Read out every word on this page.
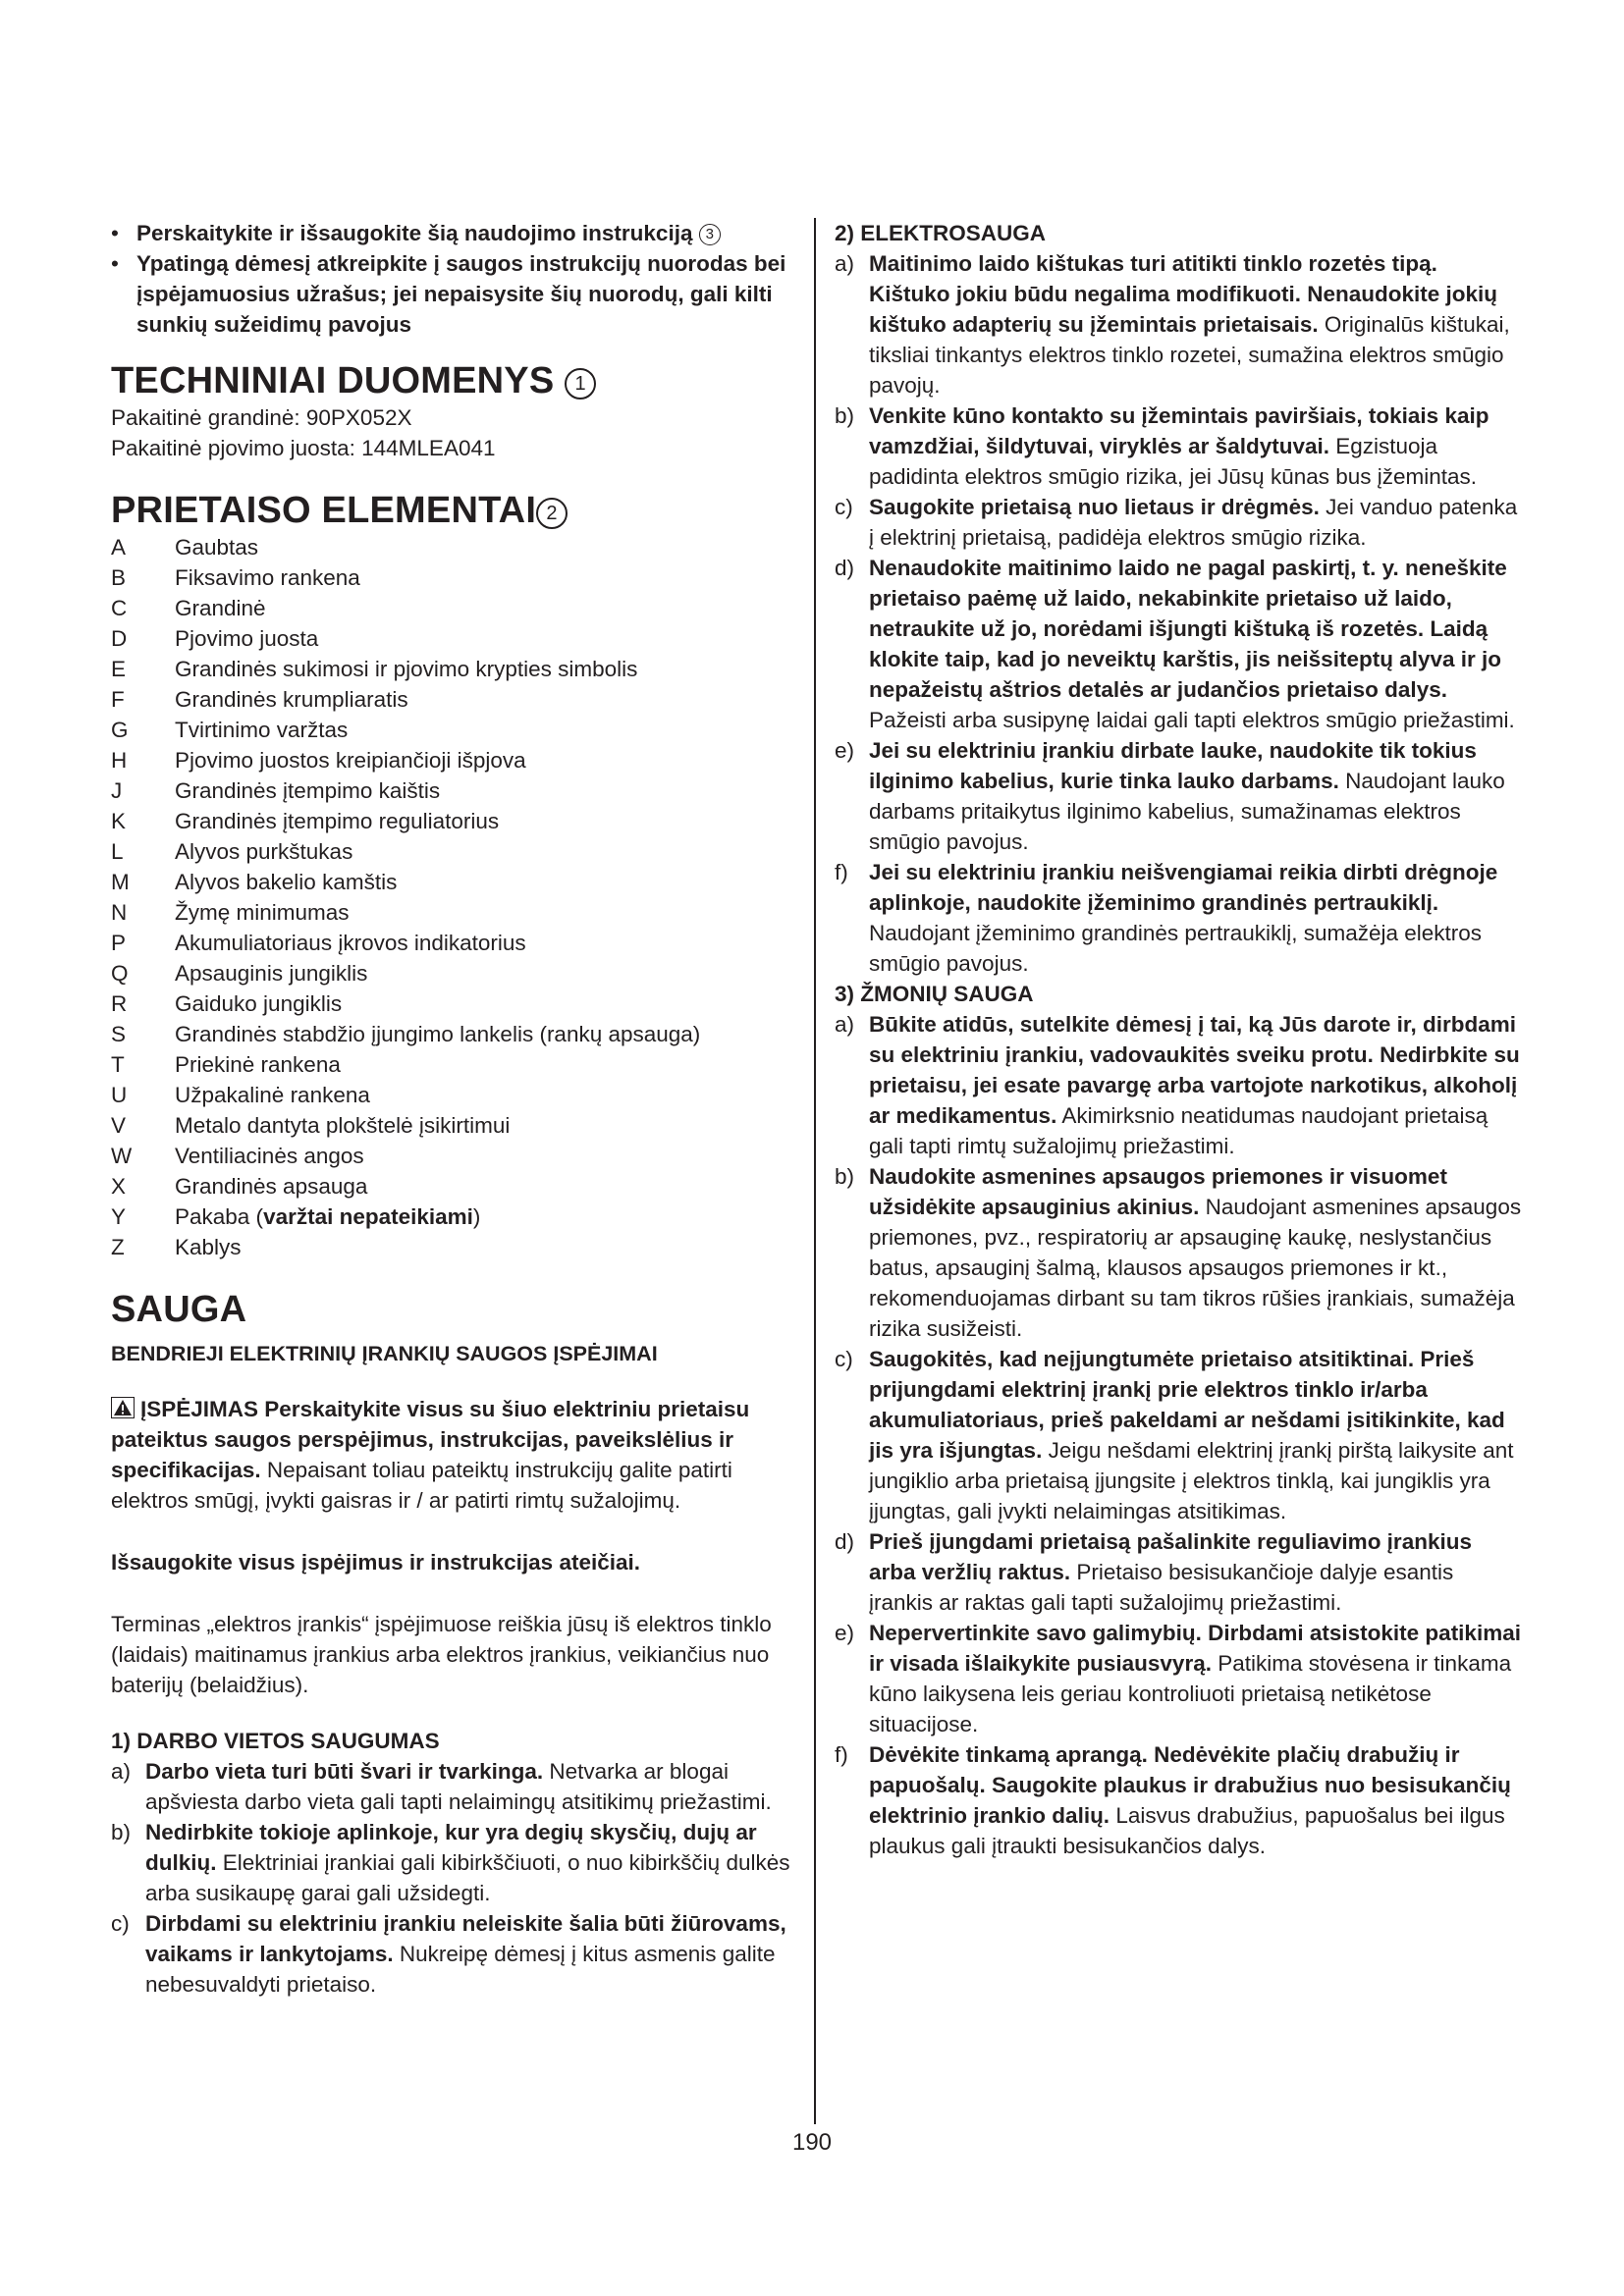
• Perskaitykite ir išsaugokite šią naudojimo instrukciją 3
• Ypatingą dėmesį atkreipkite į saugos instrukcijų nuorodas bei įspėjamuosius užrašus; jei nepaisysite šių nuorodų, gali kilti sunkių sužeidimų pavojus
TECHNINIAI DUOMENYS 1

Pakaitinė grandinė: 90PX052X

Pakaitinė pjovimo juosta: 144MLEA041

PRIETAISO ELEMENTAI 2
A	Gaubtas
B	Fiksavimo rankena
C	Grandinė
D	Pjovimo juosta
E	Grandinės sukimosi ir pjovimo krypties simbolis
F	Grandinės krumpliaratis
G	Tvirtinimo varžtas
H	Pjovimo juostos kreipiančioji išpjova
J	Grandinės įtempimo kaištis
K	Grandinės įtempimo reguliatorius
L	Alyvos purkštukas
M	Alyvos bakelio kamštis
N	Žymę minimumas
P	Akumuliatoriaus įkrovos indikatorius
Q	Apsauginis jungiklis
R	Gaiduko jungiklis
S	Grandinės stabdžio įjungimo lankelis (rankų apsauga)
T	Priekinė rankena
U	Užpakalinė rankena
V	Metalo dantyta plokštelė įsikirtimui
W	Ventiliacinės angos
X	Grandinės apsauga
Y	Pakaba (varžtai nepateikiami)
Z	Kablys
SAUGA
BENDRIEJI ELEKTRINIŲ ĮRANKIŲ SAUGOS ĮSPĖJIMAI

ĮSPĖJIMAS Perskaitykite visus su šiuo elektriniu prietaisu pateiktus saugos perspėjimus, instrukcijas, paveikslėlius ir specifikacijas. Nepaisant toliau pateiktų instrukcijų galite patirti elektros smūgį, įvykti gaisras ir / ar patirti rimtų sužalojimų.

Išsaugokite visus įspėjimus ir instrukcijas ateičiai.

Terminas „elektros įrankis“ įspėjimuose reiškia jūsų iš elektros tinklo (laidais) maitinamus įrankius arba elektros įrankius, veikiančius nuo baterijų (belaidžius).

1) DARBO VIETOS SAUGUMAS
a) Darbo vieta turi būti švari ir tvarkinga. Netvarka ar blogai apšviesta darbo vieta gali tapti nelaimingų atsitikimų priežastimi.
b) Nedirbkite tokioje aplinkoje, kur yra degių skysčių, dujų ar dulkių. Elektriniai įrankiai gali kibirkščiuoti, o nuo kibirkščių dulkės arba susikaupę garai gali užsidegti.
c) Dirbdami su elektriniu įrankiu neleiskite šalia būti žiūrovams, vaikams ir lankytojams. Nukreipę dėmesį į kitus asmenis galite nebesuvaldyti prietaiso.
2) ELEKTROSAUGA
a) Maitinimo laido kištukas turi atitikti tinklo rozetės tipą. Kištuko jokiu būdu negalima modifikuoti. Nenaudokite jokių kištuko adapterių su įžemintais prietaisais. Originalūs kištukai, tiksliai tinkantys elektros tinklo rozetei, sumažina elektros smūgio pavojų.
b) Venkite kūno kontakto su įžemintais paviršiais, tokiais kaip vamzdžiai, šildytuvai, viryklės ar šaldytuvai. Egzistuoja padidinta elektros smūgio rizika, jei Jūsų kūnas bus įžemintas.
c) Saugokite prietaisą nuo lietaus ir drėgmės. Jei vanduo patenka į elektrinį prietaisą, padidėja elektros smūgio rizika.
d) Nenaudokite maitinimo laido ne pagal paskirtį, t. y. neneškite prietaiso paėmę už laido, nekabinkite prietaiso už laido, netraukite už jo, norėdami išjungti kištuką iš rozetės. Laidą klokite taip, kad jo neveiktų karštis, jis neišsiteptų alyva ir jo nepažeistų aštrios detalės ar judančios prietaiso dalys. Pažeisti arba susipynę laidai gali tapti elektros smūgio priežastimi.
e) Jei su elektriniu įrankiu dirbate lauke, naudokite tik tokius ilginimo kabelius, kurie tinka lauko darbams. Naudojant lauko darbams pritaikytus ilginimo kabelius, sumažinamas elektros smūgio pavojus.
f) Jei su elektriniu įrankiu neišvengiamai reikia dirbti drėgnoje aplinkoje, naudokite įžeminimo grandinės pertraukiklį. Naudojant įžeminimo grandinės pertraukiklį, sumažėja elektros smūgio pavojus.
3) ŽMONIŲ SAUGA
a) Būkite atidūs, sutelkite dėmesį į tai, ką Jūs darote ir, dirbdami su elektriniu įrankiu, vadovaukitės sveiku protu. Nedirbkite su prietaisu, jei esate pavargę arba vartojote narkotikus, alkoholį ar medikamentus. Akimirksnio neatidumas naudojant prietaisą gali tapti rimtų sužalojimų priežastimi.
b) Naudokite asmenines apsaugos priemones ir visuomet užsidėkite apsauginius akinius. Naudojant asmenines apsaugos priemones, pvz., respiratorių ar apsauginę kaukę, neslystančius batus, apsauginį šalmą, klausos apsaugos priemones ir kt., rekomenduojamas dirbant su tam tikros rūšies įrankiais, sumažėja rizika susižeisti.
c) Saugokitės, kad neįjungtumėte prietaiso atsitiktinai. Prieš prijungdami elektrinį įrankį prie elektros tinklo ir/arba akumuliatoriaus, prieš pakeldami ar nešdami įsitikinkite, kad jis yra išjungtas. Jeigu nešdami elektrinį įrankį pirštą laikysite ant jungiklio arba prietaisą įjungsite į elektros tinklą, kai jungiklis yra įjungtas, gali įvykti nelaimingas atsitikimas.
d) Prieš įjungdami prietaisą pašalinkite reguliavimo įrankius arba veržlių raktus. Prietaiso besisukančioje dalyje esantis įrankis ar raktas gali tapti sužalojimų priežastimi.
e) Nepervertinkite savo galimybių. Dirbdami atsistokite patikimai ir visada išlaikykite pusiausvyrą. Patikima stovėsena ir tinkama kūno laikysena leis geriau kontroliuoti prietaisą netikėtose situacijose.
f) Dėvėkite tinkamą aprangą. Nedėvėkite plačių drabužių ir papuošalų. Saugokite plaukus ir drabužius nuo besisukančių elektrinio įrankio dalių. Laisvus drabužius, papuošalus bei ilgus plaukus gali įtraukti besisukančios dalys.
190
